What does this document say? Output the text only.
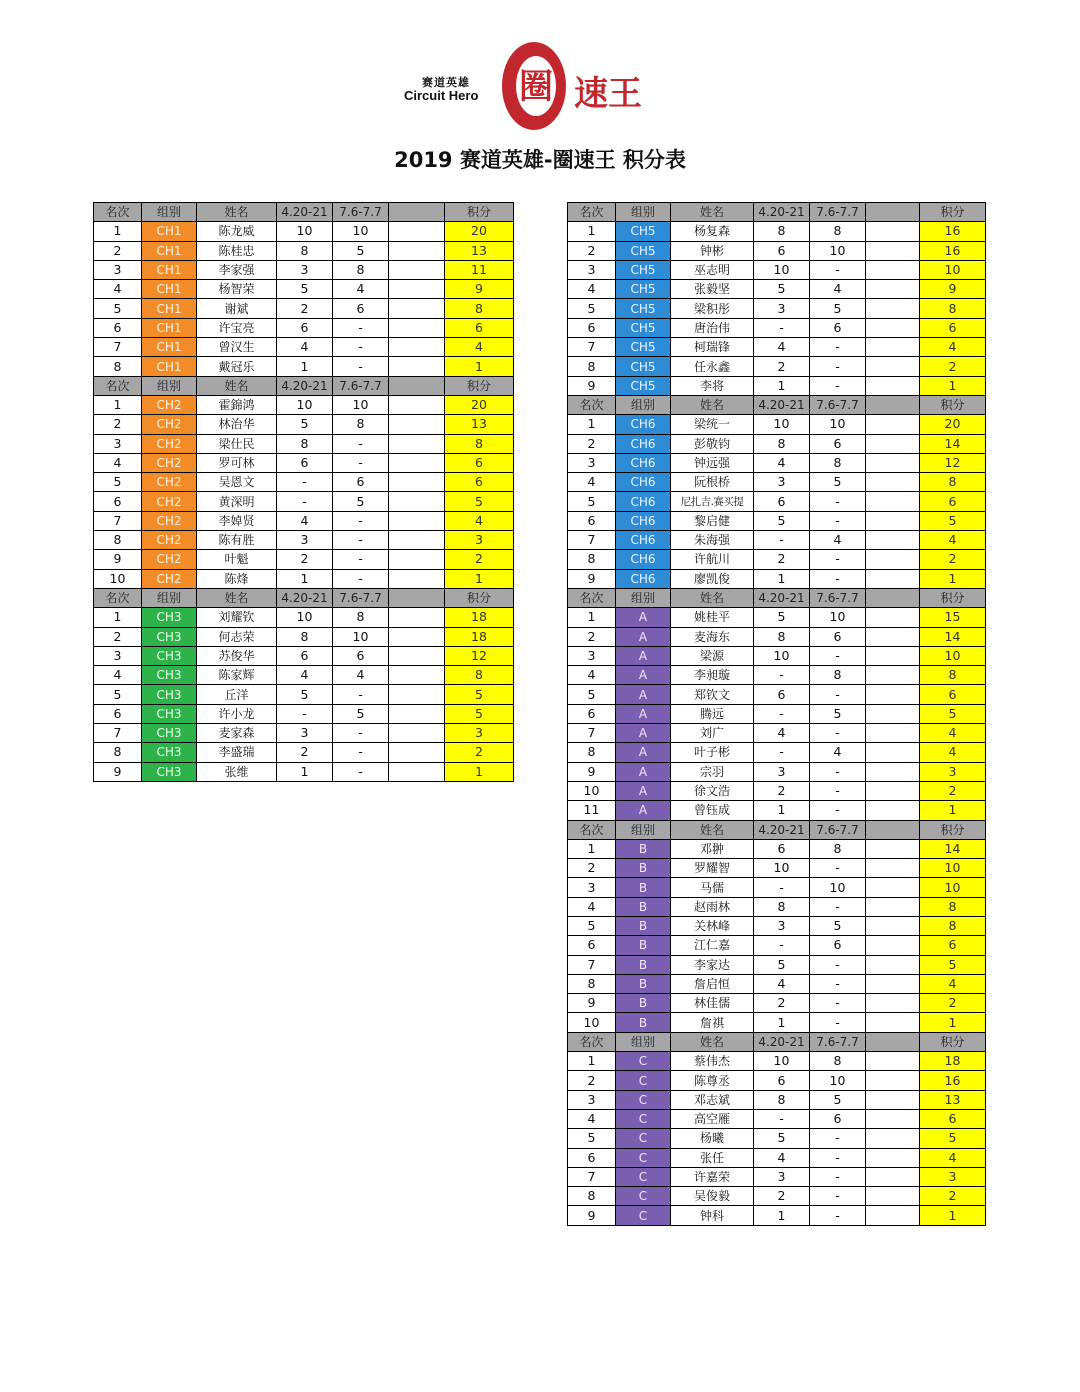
赛道英雄
Circuit Hero 圈 速王
2019 赛道英雄-圈速王 积分表
名次	组别	姓名	4.20-21	7.6-7.7		积分
1	CH1	陈龙威	10	10		20
2	CH1	陈桂忠	8	5		13
3	CH1	李家强	3	8		11
4	CH1	杨智荣	5	4		9
5	CH1	谢斌	2	6		8
6	CH1	许宝亮	6	-		6
7	CH1	曾汉生	4	-		4
8	CH1	戴冠乐	1	-		1
名次	组别	姓名	4.20-21	7.6-7.7		积分
1	CH2	霍錦鸿	10	10		20
2	CH2	林治华	5	8		13
3	CH2	梁仕民	8	-		8
4	CH2	罗可林	6	-		6
5	CH2	吴恩文	-	6		6
6	CH2	黄深明	-	5		5
7	CH2	李婥贤	4	-		4
8	CH2	陈有胜	3	-		3
9	CH2	叶魁	2	-		2
10	CH2	陈烽	1	-		1
名次	组别	姓名	4.20-21	7.6-7.7		积分
1	CH3	刘耀钦	10	8		18
2	CH3	何志荣	8	10		18
3	CH3	苏俊华	6	6		12
4	CH3	陈家辉	4	4		8
5	CH3	丘洋	5	-		5
6	CH3	许小龙	-	5		5
7	CH3	麦家森	3	-		3
8	CH3	李盛瑞	2	-		2
9	CH3	张维	1	-		1
名次	组别	姓名	4.20-21	7.6-7.7		积分
1	CH5	杨复森	8	8		16
2	CH5	钟彬	6	10		16
3	CH5	巫志明	10	-		10
4	CH5	张毅坚	5	4		9
5	CH5	梁积彤	3	5		8
6	CH5	唐治伟	-	6		6
7	CH5	柯瑞锋	4	-		4
8	CH5	任永鑫	2	-		2
9	CH5	李将	1	-		1
名次	组别	姓名	4.20-21	7.6-7.7		积分
1	CH6	梁统一	10	10		20
2	CH6	彭敬钧	8	6		14
3	CH6	钟远强	4	8		12
4	CH6	阮根桥	3	5		8
5	CH6	尼扎吉.赛买提	6	-		6
6	CH6	黎启健	5	-		5
7	CH6	朱海强	-	4		4
8	CH6	许航川	2	-		2
9	CH6	廖凯俊	1	-		1
名次	组别	姓名	4.20-21	7.6-7.7		积分
1	A	姚桂平	5	10		15
2	A	麦海东	8	6		14
3	A	梁源	10	-		10
4	A	李昶璇	-	8		8
5	A	郑钦文	6	-		6
6	A	腾远	-	5		5
7	A	刘广	4	-		4
8	A	叶子彬	-	4		4
9	A	宗羽	3	-		3
10	A	徐文浩	2	-		2
11	A	曾钰成	1	-		1
名次	组别	姓名	4.20-21	7.6-7.7		积分
1	B	邓翀	6	8		14
2	B	罗耀智	10	-		10
3	B	马儒	-	10		10
4	B	赵雨林	8	-		8
5	B	关林峰	3	5		8
6	B	江仁嘉	-	6		6
7	B	李家达	5	-		5
8	B	詹启恒	4	-		4
9	B	林佳儒	2	-		2
10	B	詹祺	1	-		1
名次	组别	姓名	4.20-21	7.6-7.7		积分
1	C	蔡伟杰	10	8		18
2	C	陈尊丞	6	10		16
3	C	邓志斌	8	5		13
4	C	高空雁	-	6		6
5	C	杨曦	5	-		5
6	C	张任	4	-		4
7	C	许嘉荣	3	-		3
8	C	吴俊毅	2	-		2
9	C	钟科	1	-		1
